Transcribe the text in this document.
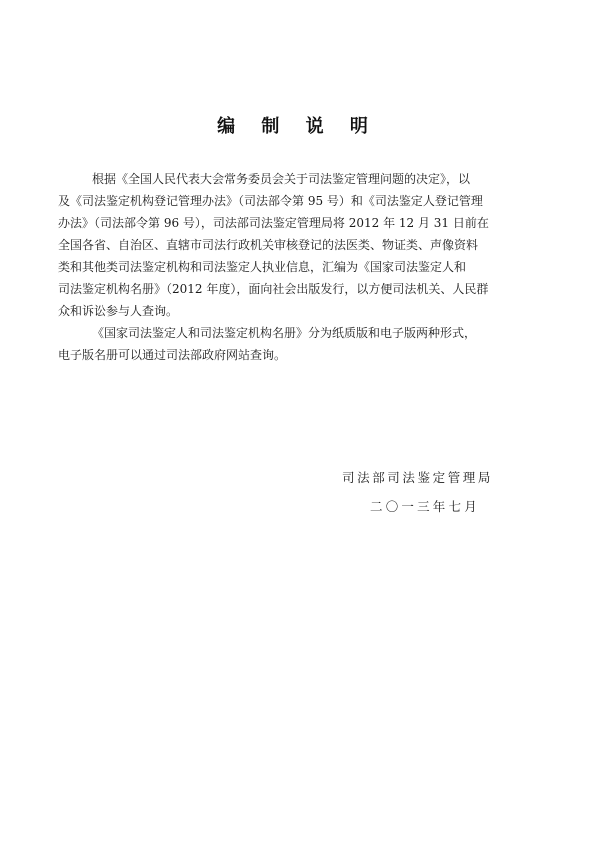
编 制 说 明

根据《全国人民代表大会常务委员会关于司法鉴定管理问题的决定》，以
及《司法鉴定机构登记管理办法》（司法部令第 95 号）和《司法鉴定人登记管理
办法》（司法部令第 96 号），司法部司法鉴定管理局将 2012 年 12 月 31 日前在
全国各省、自治区、直辖市司法行政机关审核登记的法医类、物证类、声像资料
类和其他类司法鉴定机构和司法鉴定人执业信息，汇编为《国家司法鉴定人和
司法鉴定机构名册》（2012 年度），面向社会出版发行，以方便司法机关、人民群
众和诉讼参与人查询。

《国家司法鉴定人和司法鉴定机构名册》分为纸质版和电子版两种形式，
电子版名册可以通过司法部政府网站查询。

司法部司法鉴定管理局
二〇一三年七月
